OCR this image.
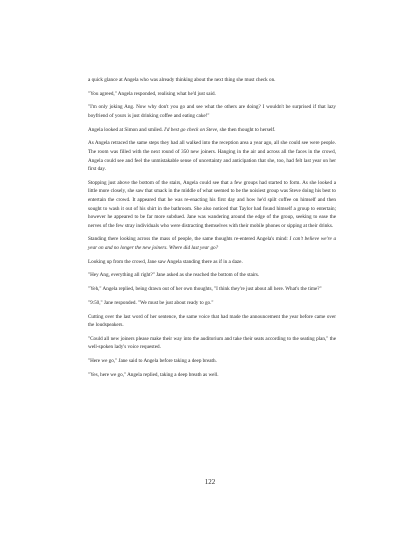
a quick glance at Angela who was already thinking about the next thing she must check on.

"You agreed," Angela responded, realising what he'd just said.

"I'm only joking Ang. Now why don't you go and see what the others are doing? I wouldn't be surprised if that lazy boyfriend of yours is just drinking coffee and eating cake!"

Angela looked at Simon and smiled. I'd best go check on Steve, she then thought to herself.

As Angela retraced the same steps they had all walked into the reception area a year ago, all she could see were people. The room was filled with the next round of 350 new joiners. Hanging in the air and across all the faces in the crowd, Angela could see and feel the unmistakable sense of uncertainty and anticipation that she, too, had felt last year on her first day.

Stopping just above the bottom of the stairs, Angela could see that a few groups had started to form. As she looked a little more closely, she saw that smack in the middle of what seemed to be the noisiest group was Steve doing his best to entertain the crowd. It appeared that he was re-enacting his first day and how he'd spilt coffee on himself and then sought to wash it out of his shirt in the bathroom. She also noticed that Taylor had found himself a group to entertain; however he appeared to be far more subdued. Jane was wandering around the edge of the group, seeking to ease the nerves of the few stray individuals who were distracting themselves with their mobile phones or sipping at their drinks.

Standing there looking across the mass of people, the same thoughts re-entered Angela's mind: I can't believe we're a year on and no longer the new joiners. Where did last year go?

Looking up from the crowd, Jane saw Angela standing there as if in a daze.

"Hey Ang, everything all right?" Jane asked as she reached the bottom of the stairs.

"Yeh," Angela replied, being drawn out of her own thoughts, "I think they're just about all here. What's the time?"

"9:50," Jane responded. "We must be just about ready to go."

Cutting over the last word of her sentence, the same voice that had made the announcement the year before came over the loudspeakers.

"Could all new joiners please make their way into the auditorium and take their seats according to the seating plan," the well-spoken lady's voice requested.

"Here we go," Jane said to Angela before taking a deep breath.

"Yes, here we go," Angela replied, taking a deep breath as well.

122
